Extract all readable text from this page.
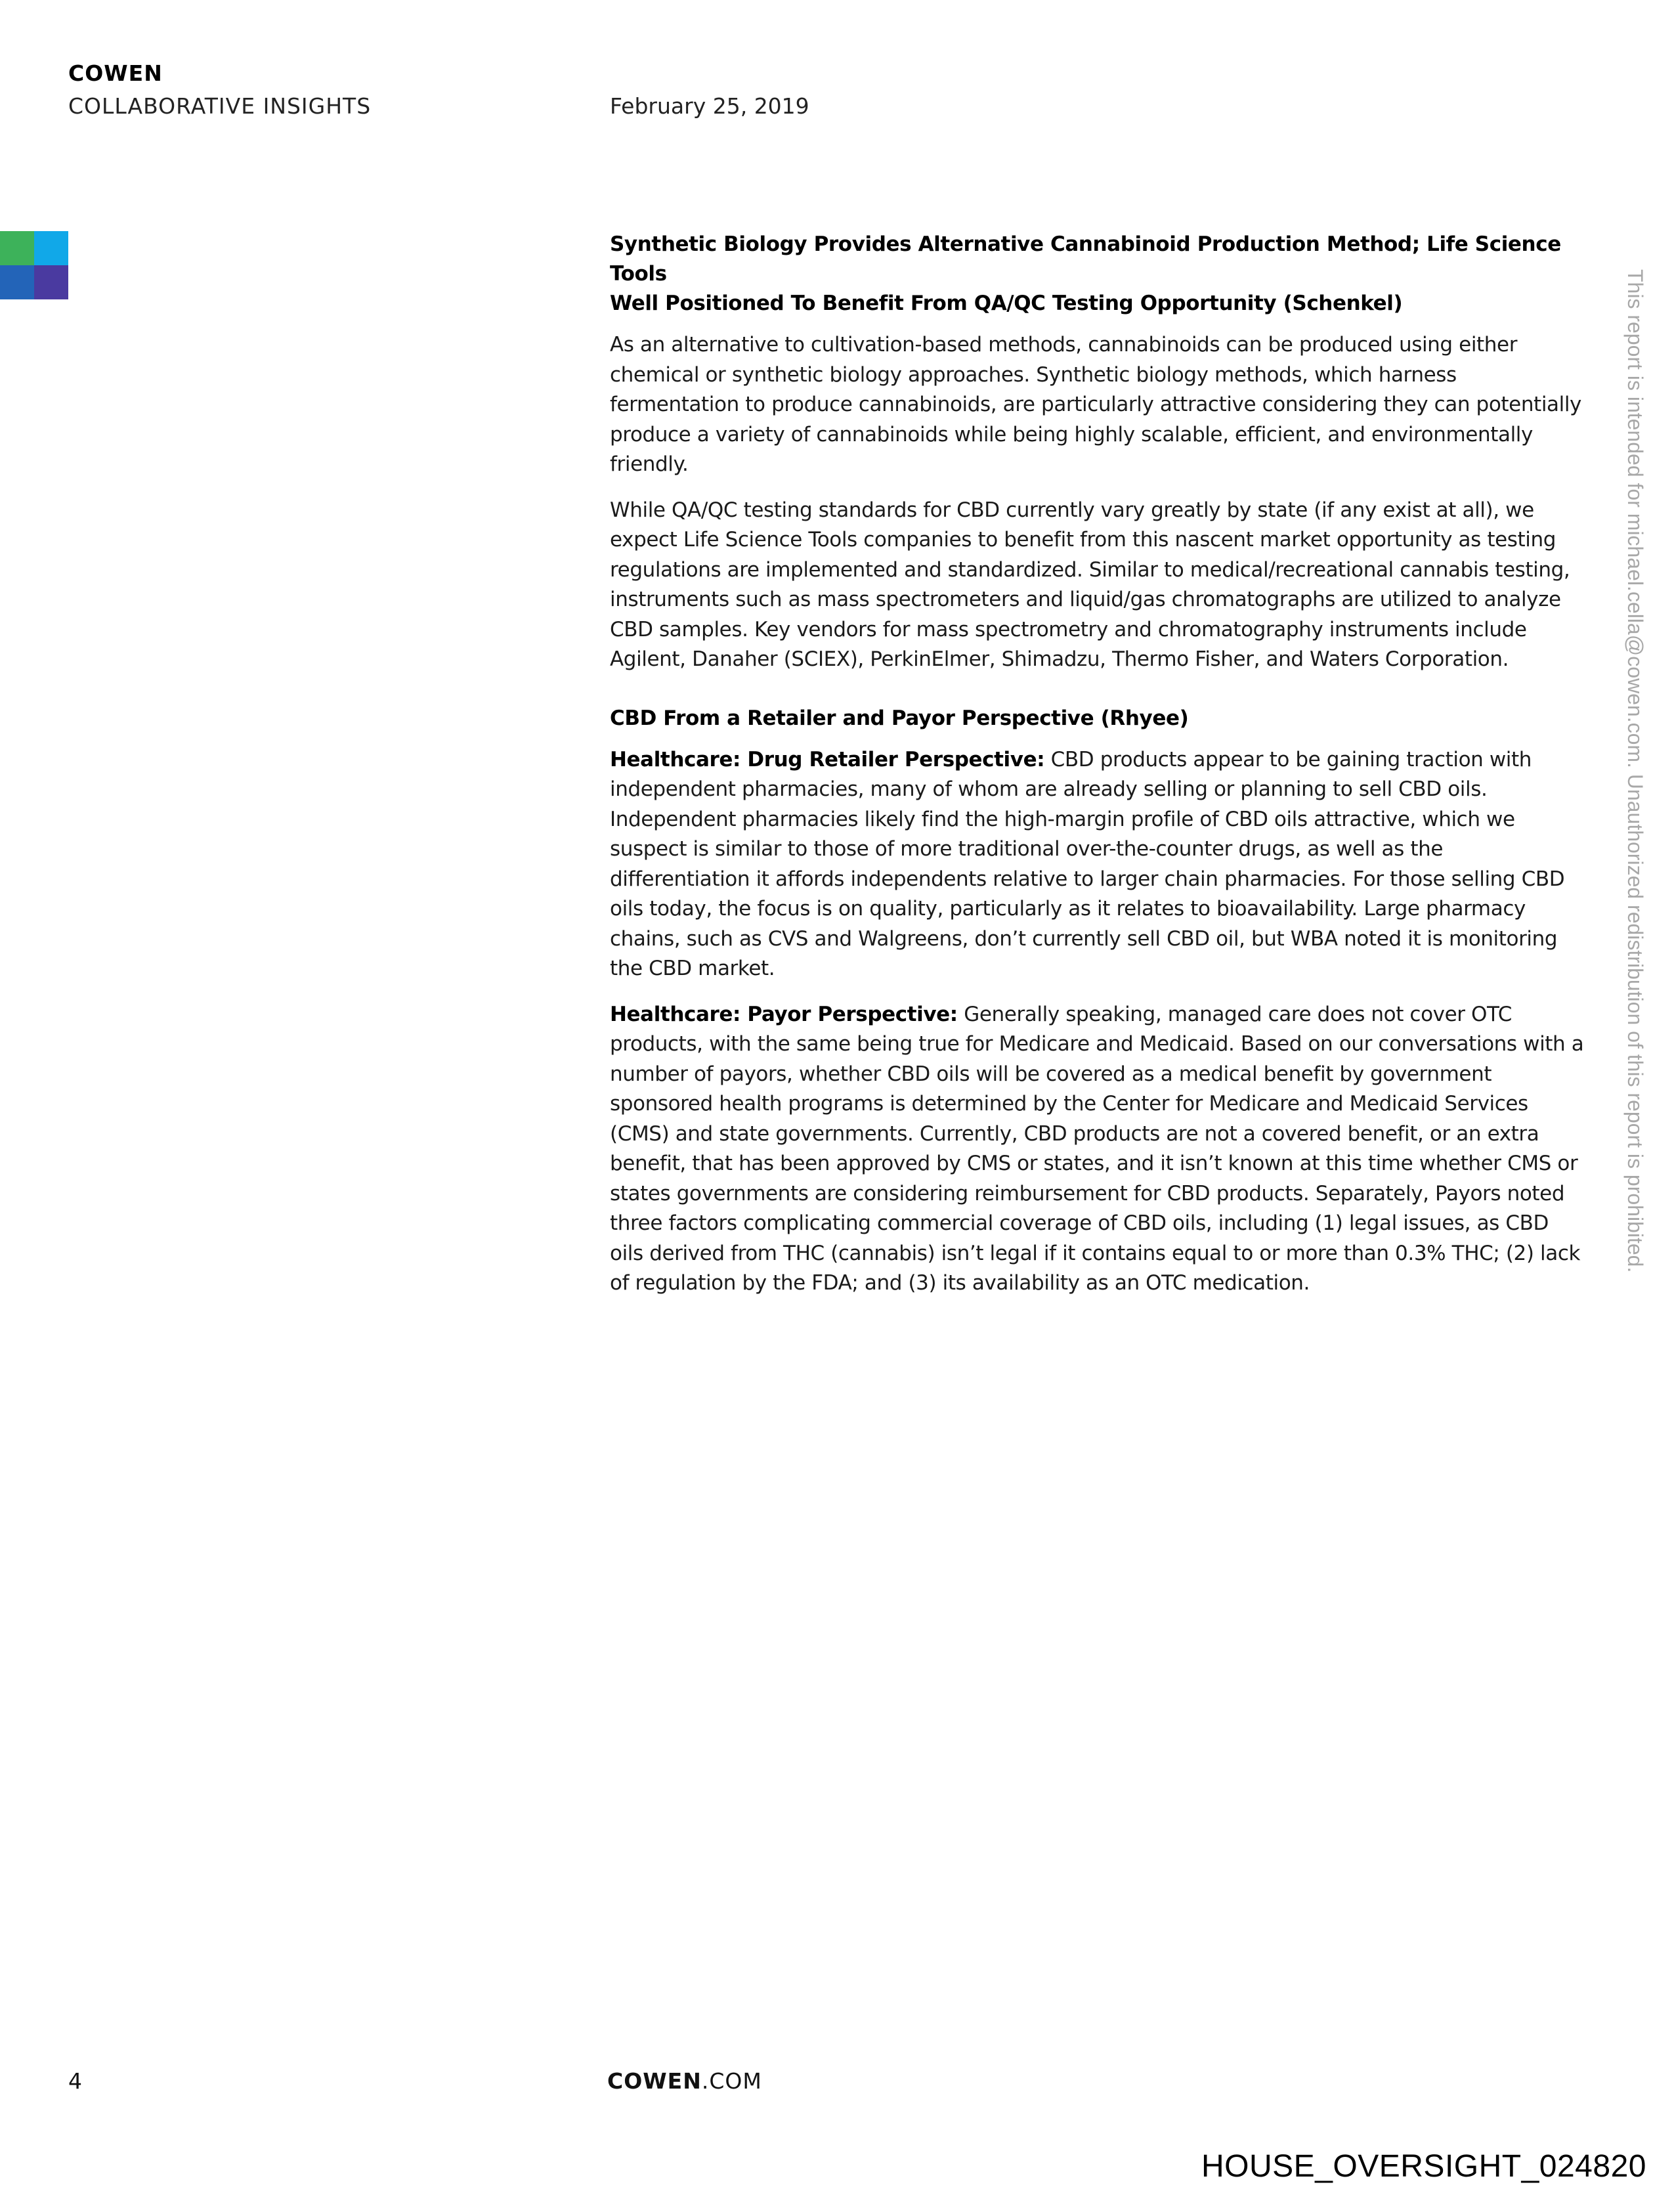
COWEN
COLLABORATIVE INSIGHTS	February 25, 2019
Synthetic Biology Provides Alternative Cannabinoid Production Method; Life Science Tools
Well Positioned To Benefit From QA/QC Testing Opportunity (Schenkel)

As an alternative to cultivation-based methods, cannabinoids can be produced using either chemical or synthetic biology approaches. Synthetic biology methods, which harness fermentation to produce cannabinoids, are particularly attractive considering they can potentially produce a variety of cannabinoids while being highly scalable, efficient, and environmentally friendly.

While QA/QC testing standards for CBD currently vary greatly by state (if any exist at all), we expect Life Science Tools companies to benefit from this nascent market opportunity as testing regulations are implemented and standardized. Similar to medical/recreational cannabis testing, instruments such as mass spectrometers and liquid/gas chromatographs are utilized to analyze CBD samples. Key vendors for mass spectrometry and chromatography instruments include Agilent, Danaher (SCIEX), PerkinElmer, Shimadzu, Thermo Fisher, and Waters Corporation.

CBD From a Retailer and Payor Perspective (Rhyee)

Healthcare: Drug Retailer Perspective: CBD products appear to be gaining traction with independent pharmacies, many of whom are already selling or planning to sell CBD oils. Independent pharmacies likely find the high-margin profile of CBD oils attractive, which we suspect is similar to those of more traditional over-the-counter drugs, as well as the differentiation it affords independents relative to larger chain pharmacies. For those selling CBD oils today, the focus is on quality, particularly as it relates to bioavailability. Large pharmacy chains, such as CVS and Walgreens, don’t currently sell CBD oil, but WBA noted it is monitoring the CBD market.

Healthcare: Payor Perspective: Generally speaking, managed care does not cover OTC products, with the same being true for Medicare and Medicaid. Based on our conversations with a number of payors, whether CBD oils will be covered as a medical benefit by government sponsored health programs is determined by the Center for Medicare and Medicaid Services (CMS) and state governments. Currently, CBD products are not a covered benefit, or an extra benefit, that has been approved by CMS or states, and it isn’t known at this time whether CMS or states governments are considering reimbursement for CBD products. Separately, Payors noted three factors complicating commercial coverage of CBD oils, including (1) legal issues, as CBD oils derived from THC (cannabis) isn’t legal if it contains equal to or more than 0.3% THC; (2) lack of regulation by the FDA; and (3) its availability as an OTC medication.

This report is intended for michael.cella@cowen.com. Unauthorized redistribution of this report is prohibited.
4	COWEN.COM
HOUSE_OVERSIGHT_024820
